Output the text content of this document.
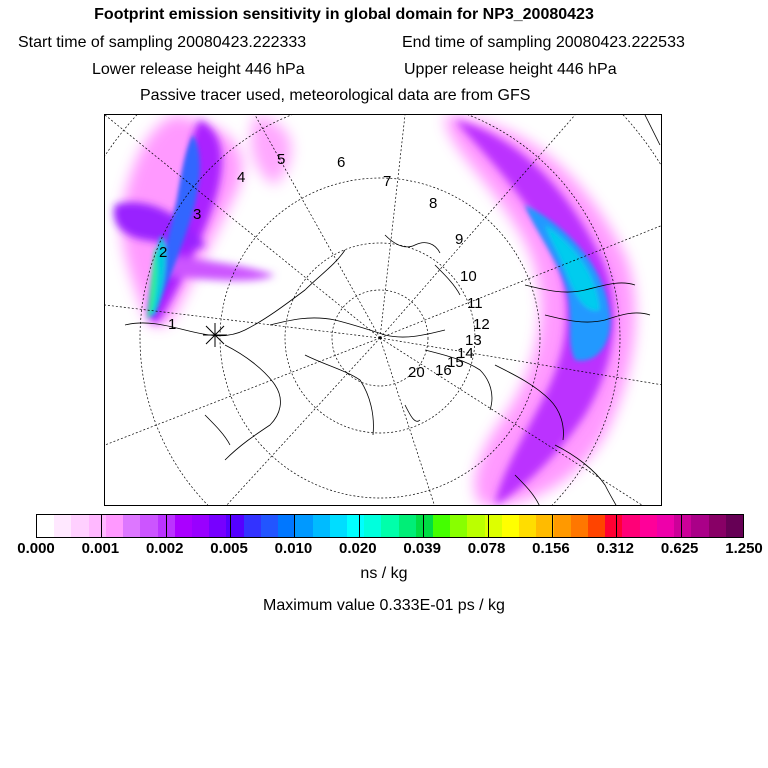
Footprint emission sensitivity in global domain for NP3_20080423
Start time of sampling 20080423.222333	End time of sampling 20080423.222533
Lower release height 446 hPa	Upper release height 446 hPa
Passive tracer used, meteorological data are from GFS
1
2
3
4
5	6
7
8
9
10
11
12
13
14
15
16
20
0.000 0.001 0.002 0.005 0.010 0.020 0.039 0.078 0.156 0.312 0.625 1.250
ns / kg
Maximum value 0.333E-01 ps / kg
